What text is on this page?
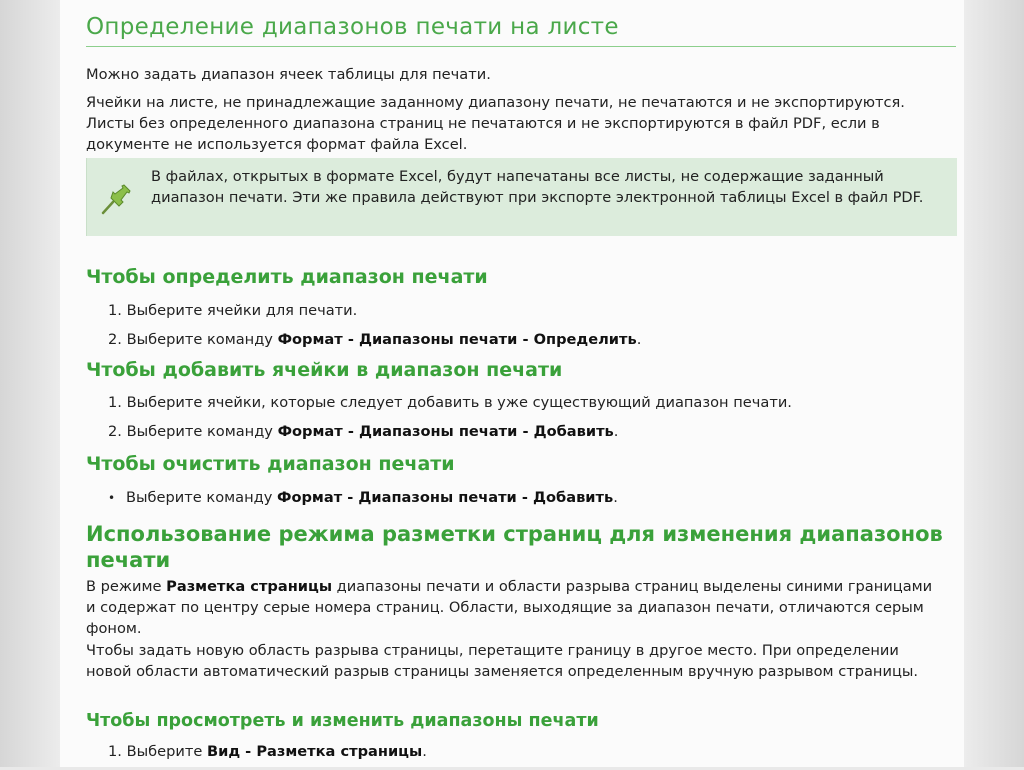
Определение диапазонов печати на листе

Можно задать диапазон ячеек таблицы для печати.

Ячейки на листе, не принадлежащие заданному диапазону печати, не печатаются и не экспортируются. Листы без определенного диапазона страниц не печатаются и не экспортируются в файл PDF, если в документе не используется формат файла Excel.

В файлах, открытых в формате Excel, будут напечатаны все листы, не содержащие заданный диапазон печати. Эти же правила действуют при экспорте электронной таблицы Excel в файл PDF.
Чтобы определить диапазон печати
1. Выберите ячейки для печати.
2. Выберите команду Формат - Диапазоны печати - Определить.
Чтобы добавить ячейки в диапазон печати
1. Выберите ячейки, которые следует добавить в уже существующий диапазон печати.
2. Выберите команду Формат - Диапазоны печати - Добавить.
Чтобы очистить диапазон печати
• Выберите команду Формат - Диапазоны печати - Добавить.
Использование режима разметки страниц для изменения диапазонов печати

В режиме Разметка страницы диапазоны печати и области разрыва страниц выделены синими границами и содержат по центру серые номера страниц. Области, выходящие за диапазон печати, отличаются серым фоном.

Чтобы задать новую область разрыва страницы, перетащите границу в другое место. При определении новой области автоматический разрыв страницы заменяется определенным вручную разрывом страницы.

Чтобы просмотреть и изменить диапазоны печати
1. Выберите Вид - Разметка страницы.
